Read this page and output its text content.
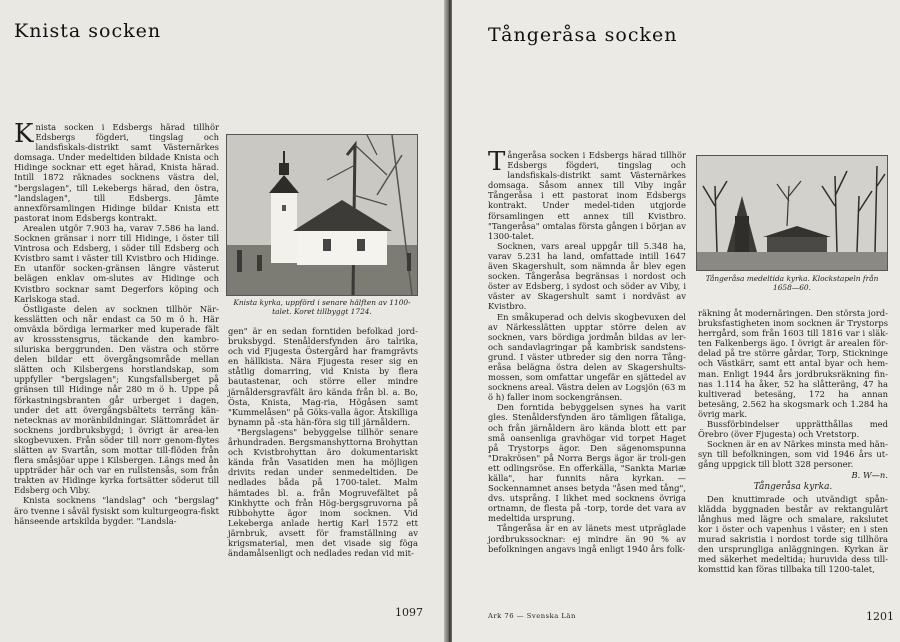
Knista socken

Knista socken i Edsbergs härad tillhör Edsbergs fögderi, tingslag och landsfiskals-distrikt samt Västernärkes domsaga. Under medeltiden bildade Knista och Hidinge socknar ett eget härad, Knista härad. Intill 1872 räknades socknens västra del, "bergslagen", till Lekebergs härad, den östra, "landslagen", till Edsbergs. Jämte annexförsamlingen Hidinge bildar Knista ett pastorat inom Edsbergs kontrakt.

Arealen utgör 7.903 ha, varav 7.586 ha land. Socknen gränsar i norr till Hidinge, i öster till Vintrosa och Edsberg, i söder till Edsberg och Kvistbro samt i väster till Kvistbro och Hidinge. En utanför socken-gränsen längre västerut belägen enklav om-slutes av Hidinge och Kvistbro socknar samt Degerfors köping och Karlskoga stad.

Östligaste delen av socknen tillhör När-kesslätten och når endast ca 50 m ö h. Här omväxla bördiga lermarker med kuperade fält av krossstensgrus, täckande den kambro-siluriska berggrunden. Den västra och större delen bildar ett övergångsområde mellan slätten och Kilsbergens horstlandskap, som uppfyller "bergslagen"; Kungsfallsberget på gränsen till Hidinge når 280 m ö h. Uppe på förkastningsbranten går urberget i dagen, under det att övergångsbältets terräng kän-netecknas av moränbildningar. Slättområdet är socknens jordbruksbygd; i övrigt är area-len skogbevuxen. Från söder till norr genom-flytes slätten av Svartån, som mottar till-flöden från flera småsjöar uppe i Kilsbergen. Längs med ån uppträder här och var en rullstensås, som från trakten av Hidinge kyrka fortsätter söderut till Edsberg och Viby.

Knista socknens "landslag" och "bergslag" äro tvenne i såväl fysiskt som kulturgeogra-fiskt hänseende artskilda bygder. "Landsla-

Knista kyrka, uppförd i senare hälften av 1100-talet. Koret tillbyggt 1724.

gen" är en sedan forntiden befolkad jord-bruksbygd. Stenåldersfynden äro talrika, och vid Fjugesta Östergård har framgrävts en hällkista. Nära Fjugesta reser sig en ståtlig domarring, vid Knista by flera bautastenar, och större eller mindre järnåldersgravfält äro kända från bl. a. Bo, Östa, Knista, Mag-ria, Högåsen samt "Kummelåsen" på Göks-valla ägor. Åtskilliga bynamn på -sta hän-föra sig till järnåldern.

"Bergslagens" bebyggelse tillhör senare århundraden. Bergsmanshyttorna Brohyttan och Kvistbrohyttan äro dokumentariskt kända från Vasatiden men ha möjligen drivits redan under senmedeltiden. De nedlades båda på 1700-talet. Malm hämtades bl. a. från Mogruvefältet på Kinkhytte och från Hög-bergsgruvorna på Ribbohytte ägor inom socknen. Vid Lekeberga anlade hertig Karl 1572 ett järnbruk, avsett för framställning av krigsmaterial, men det visade sig föga ändamålsenligt och nedlades redan vid mit-

1097
Tångeråsa socken

Tångeråsa socken i Edsbergs härad tillhör Edsbergs fögderi, tingslag och landsfiskals-distrikt samt Västernärkes domsaga. Såsom annex till Viby ingår Tångeråsa i ett pastorat inom Edsbergs kontrakt. Under medel-tiden utgjorde församlingen ett annex till Kvistbro. "Tangeråsa" omtalas första gången i början av 1300-talet.

Socknen, vars areal uppgår till 5.348 ha, varav 5.231 ha land, omfattade intill 1647 även Skagershult, som nämnda år blev egen socken. Tångeråsa begränsas i nordost och öster av Edsberg, i sydost och söder av Viby, i väster av Skagershult samt i nordväst av Kvistbro.

En småkuperad och delvis skogbevuxen del av Närkesslätten upptar större delen av socknen, vars bördiga jordmån bildas av ler-och sandavlagringar på kambrisk sandstens-grund. I väster utbreder sig den norra Tång-eråsa belägna östra delen av Skagershults-mossen, som omfattar ungefär en sjättedel av socknens areal. Västra delen av Logsjön (63 m ö h) faller inom sockengränsen.

Den forntida bebyggelsen synes ha varit gles. Stenåldersfynden äro tämligen fåtaliga, och från järnåldern äro kända blott ett par små oansenliga gravhögar vid torpet Haget på Trystorps ägor. Den sägenomspunna "Drakrösen" på Norra Bergs ägor är troli-gen ett odlingsröse. En offerkälla, "Sankta Mariæ källa", har funnits nära kyrkan. — Sockennamnet anses betyda "åsen med tång", dvs. utsprång. I likhet med socknens övriga ortnamn, de flesta på -torp, torde det vara av medeltida ursprung.

Tångeråsa är en av länets mest utpräglade jordbrukssocknar: ej mindre än 90 % av befolkningen angavs ingå enligt 1940 års folk-

Tångeråsa medeltida kyrka. Klockstapeln från 1658—60.

räkning åt modernäringen. Den största jord-bruksfastigheten inom socknen är Trystorps herrgård, som från 1603 till 1816 var i släk-ten Falkenbergs ägo. I övrigt är arealen för-delad på tre större gårdar, Torp, Stickninge och Västkärr, samt ett antal byar och hem-man. Enligt 1944 års jordbruksräkning fin-nas 1.114 ha åker, 52 ha slåtteräng, 47 ha kultiverad betesäng, 172 ha annan betesäng, 2.562 ha skogsmark och 1.284 ha övrig mark.

Bussförbindelser upprätthållas med Örebro (över Fjugesta) och Vretstorp.

Socknen är en av Närkes minsta med hän-syn till befolkningen, som vid 1946 års ut-gång uppgick till blott 328 personer.

B. W—n.

Tångeråsa kyrka.

Den knuttimrade och utvändigt spån-klädda byggnaden består av rektangulärt långhus med lägre och smalare, rakslutet kor i öster och vapenhus i väster; en i sten murad sakristia i nordost torde sig tillhöra den ursprungliga anläggningen. Kyrkan är med säkerhet medeltida; huruvida dess till-komsttid kan föras tillbaka till 1200-talet,

Ark 76 — Svenska Län	1201
